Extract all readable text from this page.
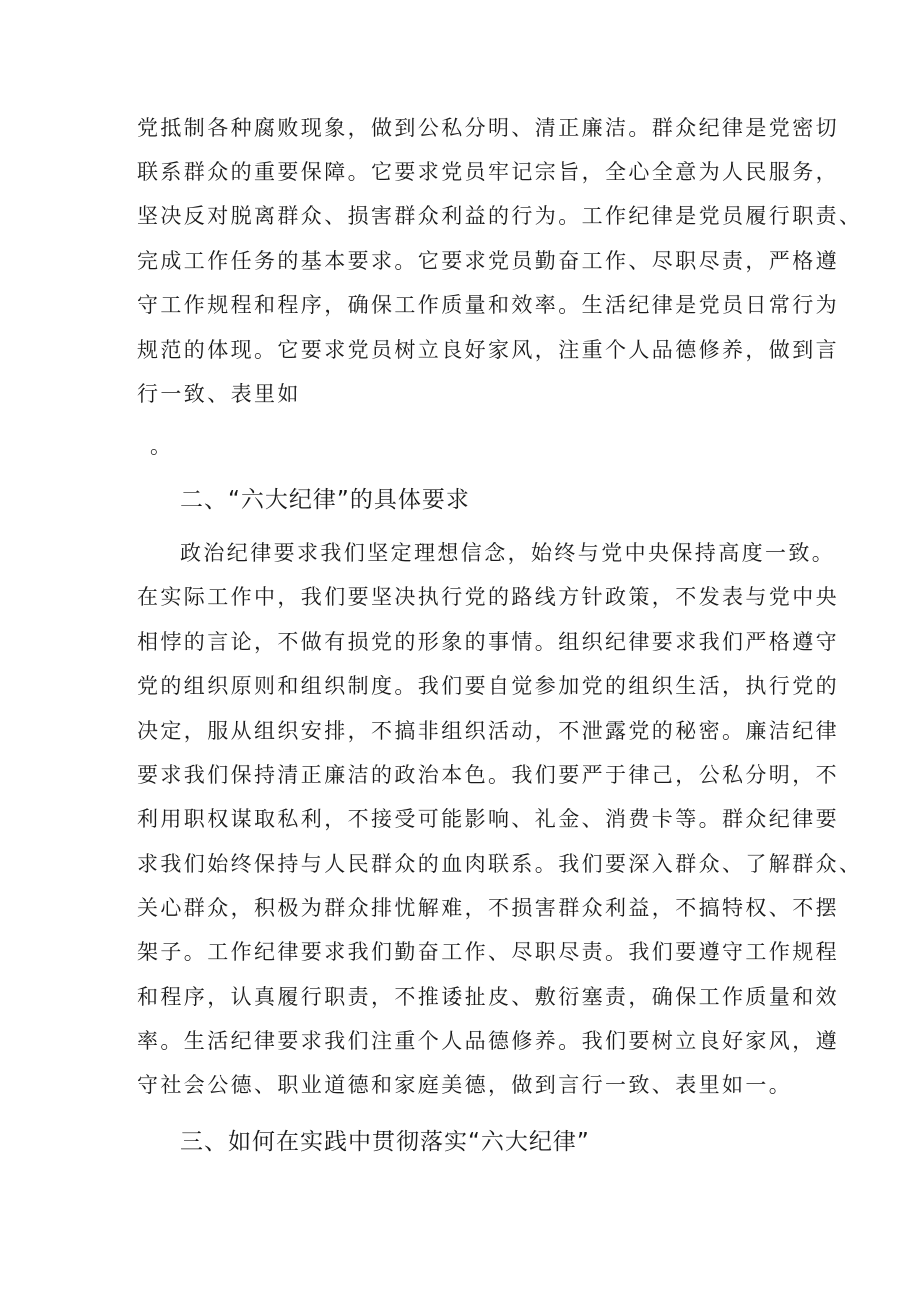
党抵制各种腐败现象，做到公私分明、清正廉洁。群众纪律是党密切
联系群众的重要保障。它要求党员牢记宗旨，全心全意为人民服务，
坚决反对脱离群众、损害群众利益的行为。工作纪律是党员履行职责、
完成工作任务的基本要求。它要求党员勤奋工作、尽职尽责，严格遵
守工作规程和程序，确保工作质量和效率。生活纪律是党员日常行为
规范的体现。它要求党员树立良好家风，注重个人品德修养，做到言
行一致、表里如
。
二、“六大纪律”的具体要求
政治纪律要求我们坚定理想信念，始终与党中央保持高度一致。
在实际工作中，我们要坚决执行党的路线方针政策，不发表与党中央
相悖的言论，不做有损党的形象的事情。组织纪律要求我们严格遵守
党的组织原则和组织制度。我们要自觉参加党的组织生活，执行党的
决定，服从组织安排，不搞非组织活动，不泄露党的秘密。廉洁纪律
要求我们保持清正廉洁的政治本色。我们要严于律己，公私分明，不
利用职权谋取私利，不接受可能影响、礼金、消费卡等。群众纪律要
求我们始终保持与人民群众的血肉联系。我们要深入群众、了解群众、
关心群众，积极为群众排忧解难，不损害群众利益，不搞特权、不摆
架子。工作纪律要求我们勤奋工作、尽职尽责。我们要遵守工作规程
和程序，认真履行职责，不推诿扯皮、敷衍塞责，确保工作质量和效
率。生活纪律要求我们注重个人品德修养。我们要树立良好家风，遵
守社会公德、职业道德和家庭美德，做到言行一致、表里如一。
三、如何在实践中贯彻落实“六大纪律”
